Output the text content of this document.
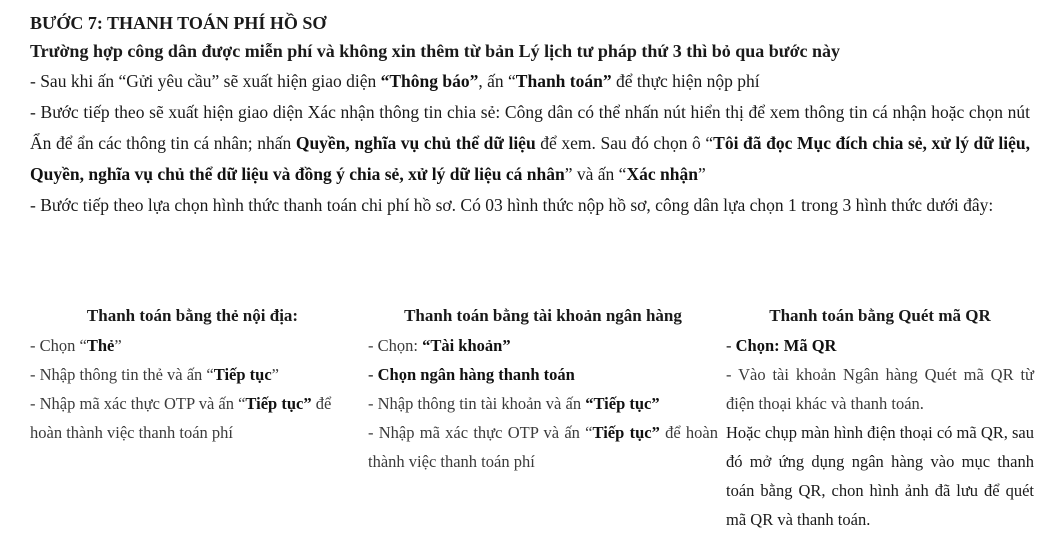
BƯỚC 7: THANH TOÁN PHÍ HỒ SƠ

Trường hợp công dân được miễn phí và không xin thêm từ bản Lý lịch tư pháp thứ 3 thì bỏ qua bước này

- Sau khi ấn “Gửi yêu cầu” sẽ xuất hiện giao diện “Thông báo”, ấn “Thanh toán” để thực hiện nộp phí

- Bước tiếp theo sẽ xuất hiện giao diện Xác nhận thông tin chia sẻ: Công dân có thể nhấn nút hiển thị để xem thông tin cá nhận hoặc chọn nút Ẩn để ẩn các thông tin cá nhân; nhấn Quyền, nghĩa vụ chủ thể dữ liệu để xem. Sau đó chọn ô “Tôi đã đọc Mục đích chia sẻ, xử lý dữ liệu, Quyền, nghĩa vụ chủ thể dữ liệu và đồng ý chia sẻ, xử lý dữ liệu cá nhân” và ấn “Xác nhận”

- Bước tiếp theo lựa chọn hình thức thanh toán chi phí hồ sơ. Có 03 hình thức nộp hồ sơ, công dân lựa chọn 1 trong 3 hình thức dưới đây:

Thanh toán bằng thẻ nội địa:

- Chọn “Thẻ”

- Nhập thông tin thẻ và ấn “Tiếp tục”

- Nhập mã xác thực OTP và ấn “Tiếp tục” để hoàn thành việc thanh toán phí

Thanh toán bằng tài khoản ngân hàng

- Chọn: “Tài khoản”

- Chọn ngân hàng thanh toán

- Nhập thông tin tài khoản và ấn “Tiếp tục”

- Nhập mã xác thực OTP và ấn “Tiếp tục” để hoàn thành việc thanh toán phí

Thanh toán bằng Quét mã QR

- Chọn: Mã QR

- Vào tài khoản Ngân hàng Quét mã QR từ điện thoại khác và thanh toán.

Hoặc chụp màn hình điện thoại có mã QR, sau đó mở ứng dụng ngân hàng vào mục thanh toán bằng QR, chon hình ảnh đã lưu để quét mã QR và thanh toán.
